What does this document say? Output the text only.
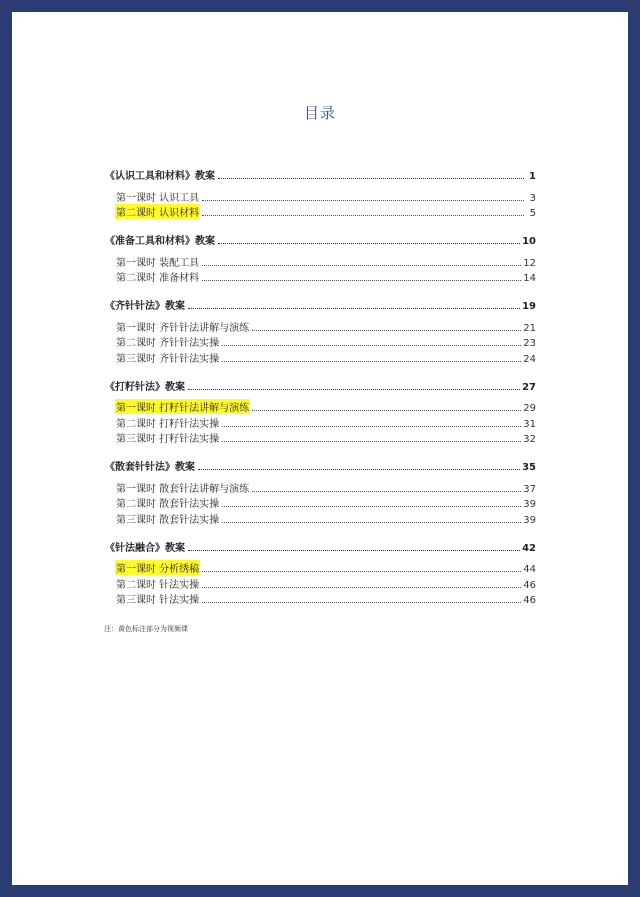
目录
《认识工具和材料》教案	1
第一课时 认识工具	3
第二课时 认识材料	5
《准备工具和材料》教案	10
第一课时 装配工具	12
第二课时 准备材料	14
《齐针针法》教案	19
第一课时 齐针针法讲解与演练	21
第二课时 齐针针法实操	23
第三课时 齐针针法实操	24
《打籽针法》教案	27
第一课时 打籽针法讲解与演练	29
第二课时 打籽针法实操	31
第三课时 打籽针法实操	32
《散套针针法》教案	35
第一课时 散套针法讲解与演练	37
第二课时 散套针法实操	39
第三课时 散套针法实操	39
《针法融合》教案	42
第一课时 分析绣稿	44
第二课时 针法实操	46
第三课时 针法实操	46
注：黄色标注部分为视频课
